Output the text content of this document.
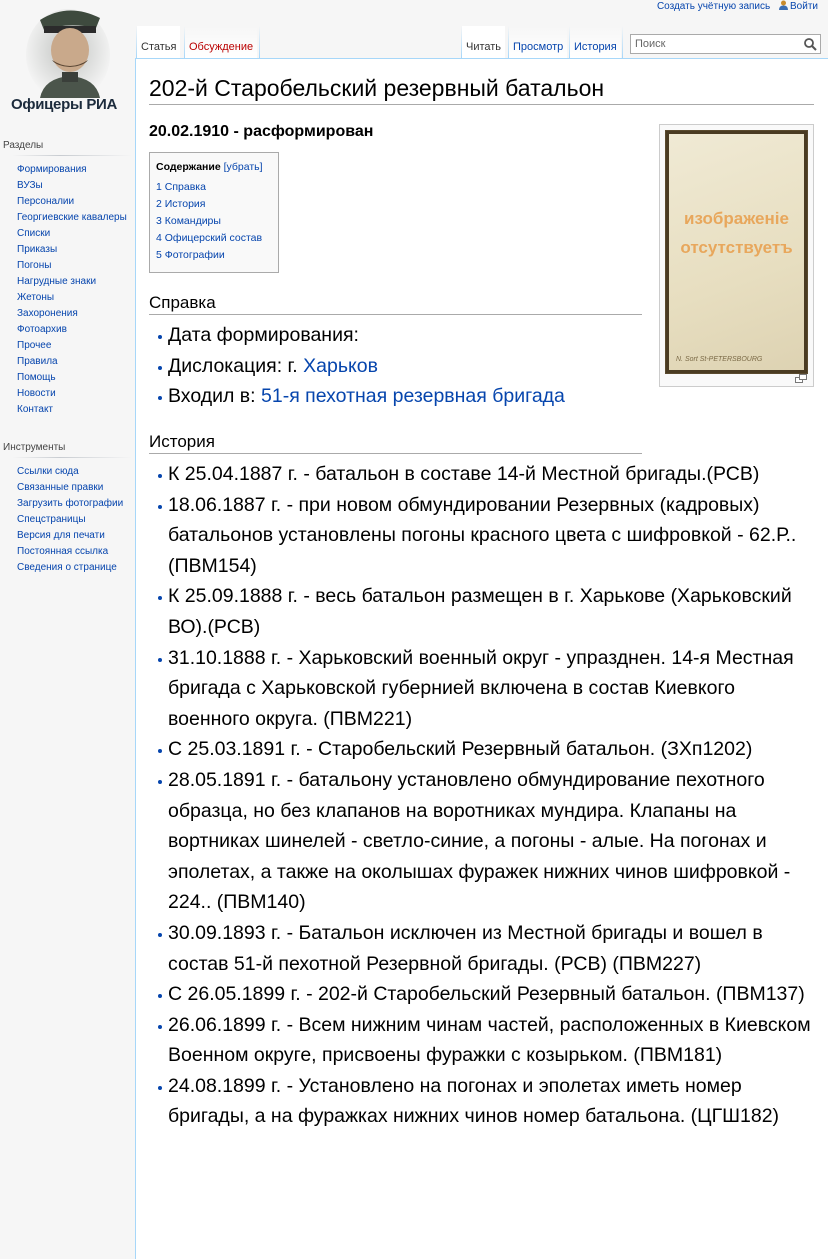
Офицеры РИА
Создать учётную запись Войти
Статья	Обсуждение	Читать	Просмотр История	Поиск
Разделы
Формирования
ВУЗы
Персоналии
Георгиевские кавалеры
Списки
Приказы
Погоны
Нагрудные знаки
Жетоны
Захоронения
Фотоархив
Прочее
Правила
Помощь
Новости
Контакт
Инструменты
Ссылки сюда
Связанные правки
Загрузить фотографии
Спецстраницы
Версия для печати
Постоянная ссылка
Сведения о странице
202-й Старобельский резервный батальон
20.02.1910 - расформирован
Содержание [убрать]
1 Справка
2 История
3 Командиры
4 Офицерский состав
5 Фотографии
изображеніе
отсутствуетъ
N. Sort St-PETERSBOURG
Справка
Дата формирования:
Дислокация: г. Харьков
Входил в: 51-я пехотная резервная бригада
История
К 25.04.1887 г. - батальон в составе 14-й Местной бригады.(РСВ)
18.06.1887 г. - при новом обмундировании Резервных (кадровых) батальонов установлены погоны красного цвета с шифровкой - 62.Р.. (ПВМ154)
К 25.09.1888 г. - весь батальон размещен в г. Харькове (Харьковский ВО).(РСВ)
31.10.1888 г. - Харьковский военный округ - упразднен. 14-я Местная бригада с Харьковской губернией включена в состав Киевкого военного округа. (ПВМ221)
С 25.03.1891 г. - Старобельский Резервный батальон. (ЗХп1202)
28.05.1891 г. - батальону установлено обмундирование пехотного образца, но без клапанов на воротниках мундира. Клапаны на вортниках шинелей - светло-синие, а погоны - алые. На погонах и эполетах, а также на околышах фуражек нижних чинов шифровкой - 224.. (ПВМ140)
30.09.1893 г. - Батальон исключен из Местной бригады и вошел в состав 51-й пехотной Резервной бригады. (РСВ) (ПВМ227)
С 26.05.1899 г. - 202-й Старобельский Резервный батальон. (ПВМ137)
26.06.1899 г. - Всем нижним чинам частей, расположенных в Киевском Военном округе, присвоены фуражки с козырьком. (ПВМ181)
24.08.1899 г. - Установлено на погонах и эполетах иметь номер бригады, а на фуражках нижних чинов номер батальона. (ЦГШ182)
